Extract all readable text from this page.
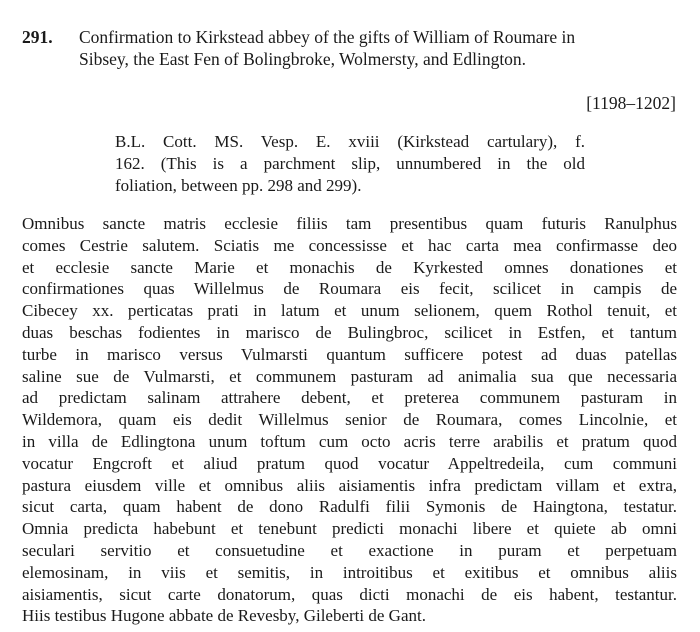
291. Confirmation to Kirkstead abbey of the gifts of William of Roumare in
Sibsey, the East Fen of Bolingbroke, Wolmersty, and Edlington.
[1198–1202]
B.L. Cott. MS. Vesp. E. xviii (Kirkstead cartulary), f.
162. (This is a parchment slip, unnumbered in the old
foliation, between pp. 298 and 299).
Omnibus sancte matris ecclesie filiis tam presentibus quam futuris Ranulphus
comes Cestrie salutem. Sciatis me concessisse et hac carta mea confirmasse deo
et ecclesie sancte Marie et monachis de Kyrkested omnes donationes et
confirmationes quas Willelmus de Roumara eis fecit, scilicet in campis de
Cibecey xx. perticatas prati in latum et unum selionem, quem Rothol tenuit, et
duas beschas fodientes in marisco de Bulingbroc, scilicet in Estfen, et tantum
turbe in marisco versus Vulmarsti quantum sufficere potest ad duas patellas
saline sue de Vulmarsti, et communem pasturam ad animalia sua que necessaria
ad predictam salinam attrahere debent, et preterea communem pasturam in
Wildemora, quam eis dedit Willelmus senior de Roumara, comes Lincolnie, et
in villa de Edlingtona unum toftum cum octo acris terre arabilis et pratum quod
vocatur Engcroft et aliud pratum quod vocatur Appeltredeila, cum communi
pastura eiusdem ville et omnibus aliis aisiamentis infra predictam villam et extra,
sicut carta, quam habent de dono Radulfi filii Symonis de Haingtona, testatur.
Omnia predicta habebunt et tenebunt predicti monachi libere et quiete ab omni
seculari servitio et consuetudine et exactione in puram et perpetuam
elemosinam, in viis et semitis, in introitibus et exitibus et omnibus aliis
aisiamentis, sicut carte donatorum, quas dicti monachi de eis habent, testantur.
Hiis testibus Hugone abbate de Revesby, Gileberti de Gant.
